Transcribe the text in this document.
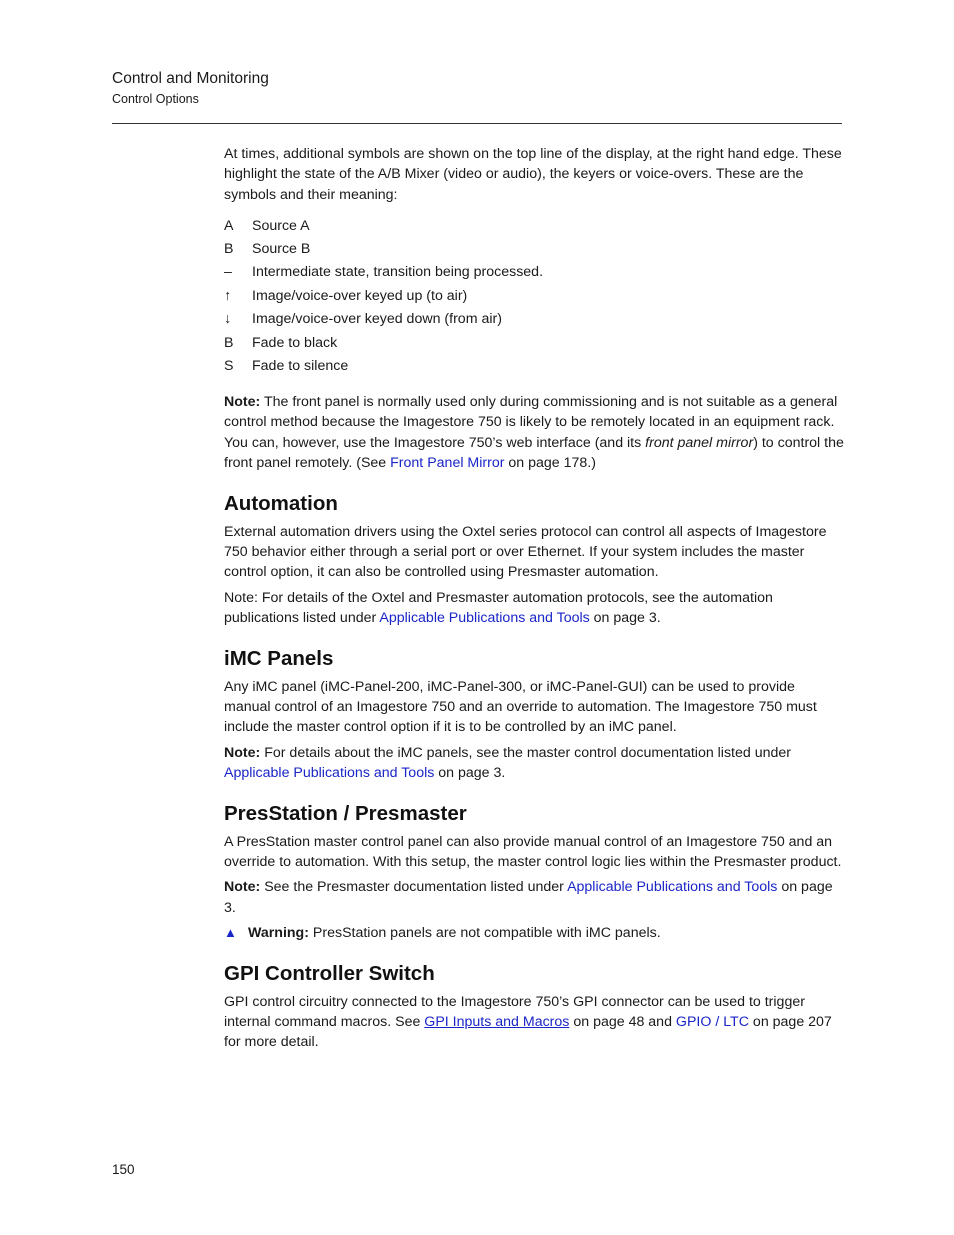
Control and Monitoring
Control Options

At times, additional symbols are shown on the top line of the display, at the right hand edge. These highlight the state of the A/B Mixer (video or audio), the keyers or voice-overs. These are the symbols and their meaning:

A	Source A
B	Source B
–	Intermediate state, transition being processed.
↑	Image/voice-over keyed up (to air)
↓	Image/voice-over keyed down (from air)
B	Fade to black
S	Fade to silence

Note: The front panel is normally used only during commissioning and is not suitable as a general control method because the Imagestore 750 is likely to be remotely located in an equipment rack. You can, however, use the Imagestore 750’s web interface (and its front panel mirror) to control the front panel remotely. (See Front Panel Mirror on page 178.)

Automation

External automation drivers using the Oxtel series protocol can control all aspects of Imagestore 750 behavior either through a serial port or over Ethernet. If your system includes the master control option, it can also be controlled using Presmaster automation.

Note: For details of the Oxtel and Presmaster automation protocols, see the automation publications listed under Applicable Publications and Tools on page 3.

iMC Panels

Any iMC panel (iMC-Panel-200, iMC-Panel-300, or iMC-Panel-GUI) can be used to provide manual control of an Imagestore 750 and an override to automation. The Imagestore 750 must include the master control option if it is to be controlled by an iMC panel.

Note: For details about the iMC panels, see the master control documentation listed under Applicable Publications and Tools on page 3.

PresStation / Presmaster

A PresStation master control panel can also provide manual control of an Imagestore 750 and an override to automation. With this setup, the master control logic lies within the Presmaster product.

Note: See the Presmaster documentation listed under Applicable Publications and Tools on page 3.

▲ Warning: PresStation panels are not compatible with iMC panels.

GPI Controller Switch

GPI control circuitry connected to the Imagestore 750’s GPI connector can be used to trigger internal command macros. See GPI Inputs and Macros on page 48 and GPIO / LTC on page 207 for more detail.

150
